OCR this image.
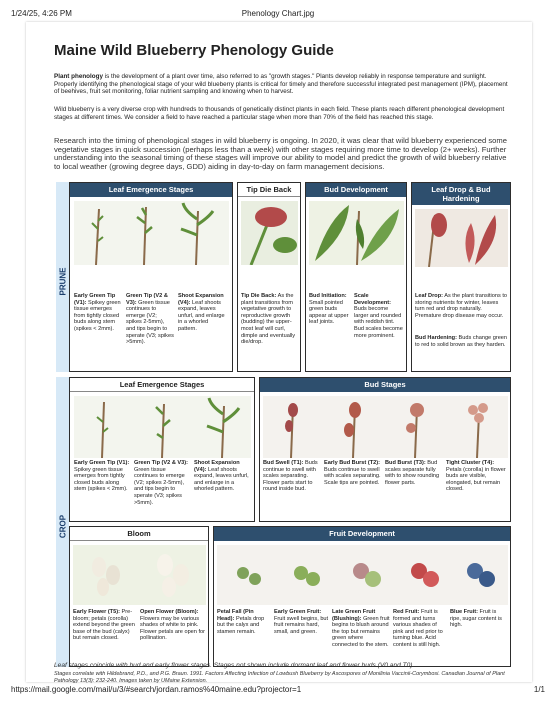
1/24/25, 4:26 PM	Phenology Chart.jpg
Maine Wild Blueberry Phenology Guide
Plant phenology is the development of a plant over time, also referred to as "growth stages." Plants develop reliably in response temperature and sunlight. Properly identifying the phenological stage of your wild blueberry plants is critical for timely and therefore successful integrated pest management (IPM), placement of beehives, fruit set monitoring, foliar nutrient sampling and knowing when to harvest.
Wild blueberry is a very diverse crop with hundreds to thousands of genetically distinct plants in each field. These plants reach different phenological development stages at different times. We consider a field to have reached a particular stage when more than 70% of the field has reached this stage.
Research into the timing of phenological stages in wild blueberry is ongoing. In 2020, it was clear that wild blueberry experienced some vegetative stages in quick succession (perhaps less than a week) with other stages requiring more time to develop (2+ weeks). Further understanding into the seasonal timing of these stages will improve our ability to model and predict the growth of wild blueberry relative to local weather (growing degree days, GDD) aiding in day-to-day on farm management decisions.
PRUNE
Leaf Emergence Stages
Early Green Tip (V1): Spikey green tissue emerges from tightly closed buds along stem (spikes < 2mm).
Green Tip (V2 & V3): Green tissue continues to emerge (V2; spikes 2-5mm), and tips begin to sperate (V3; spikes >5mm).
Shoot Expansion (V4): Leaf shoots expand, leaves unfurl, and enlarge in a whorled pattern.
Tip Die Back
Tip Die Back: As the plant transitions from vegetative growth to reproductive growth (budding) the upper-most leaf will curl, dimple and eventually die/drop.
Bud Development
Bud Initiation: Small pointed green buds appear at upper leaf joints.
Scale Development: Buds become larger and rounded with reddish tint. Bud scales become more prominent.
Leaf Drop & Bud
Hardening
Leaf Drop: As the plant transitions to storing nutrients for winter, leaves turn red and drop naturally. Premature drop disease may occur.
Bud Hardening: Buds change green to red to solid brown as they harden.
CROP
Leaf Emergence Stages
Early Green Tip (V1): Spikey green tissue emerges from tightly closed buds along stem (spikes < 2mm).
Green Tip (V2 & V3): Green tissue continues to emerge (V2; spikes 2-5mm), and tips begin to sperate (V3; spikes >5mm).
Shoot Expansion (V4): Leaf shoots expand, leaves unfurl, and enlarge in a whorled pattern.
Bud Stages
Bud Swell (T1): Buds continue to swell with scales separating. Flower parts start to round inside bud.
Early Bud Burst (T2): Buds continue to swell with scales separating. Scale tips are pointed.
Bud Burst (T3): Bud scales separate fully with to show rounding flower parts.
Tight Cluster (T4): Petals (corolla) in flower buds are visible, elongated, but remain closed.
Bloom
Early Flower (T5): Pre-bloom; petals (corolla) extend beyond the green base of the bud (calyx) but remain closed.
Open Flower (Bloom): Flowers may be various shades of white to pink. Flower petals are open for pollination.
Fruit Development
Petal Fall (Pin Head): Petals drop but the calyx and stamen remain.
Early Green Fruit: Fruit swell begins, but fruit remains hard, small, and green.
Late Green Fruit (Blushing): Green fruit begins to blush around the top but remains green where connected to the stem.
Red Fruit: Fruit is formed and turns various shades of pink and red prior to turning blue. Acid content is still high.
Blue Fruit: Fruit is ripe, sugar content is high.
Leaf stages coincide with bud and early flower stages. Stages not shown include dormant leaf and flower buds (V0 and T0).
Stages correlate with Hildebrand, P.D., and P.G. Braun. 1991. Factors Affecting Infection of Lowbush Blueberry by Ascospores of Monilinia Vaccinii-Corymbosi. Canadian Journal of Plant Pathology 13(3): 232-240. Images taken by UMaine Extension.
https://mail.google.com/mail/u/3/#search/jordan.ramos%40maine.edu?projector=1	1/1
